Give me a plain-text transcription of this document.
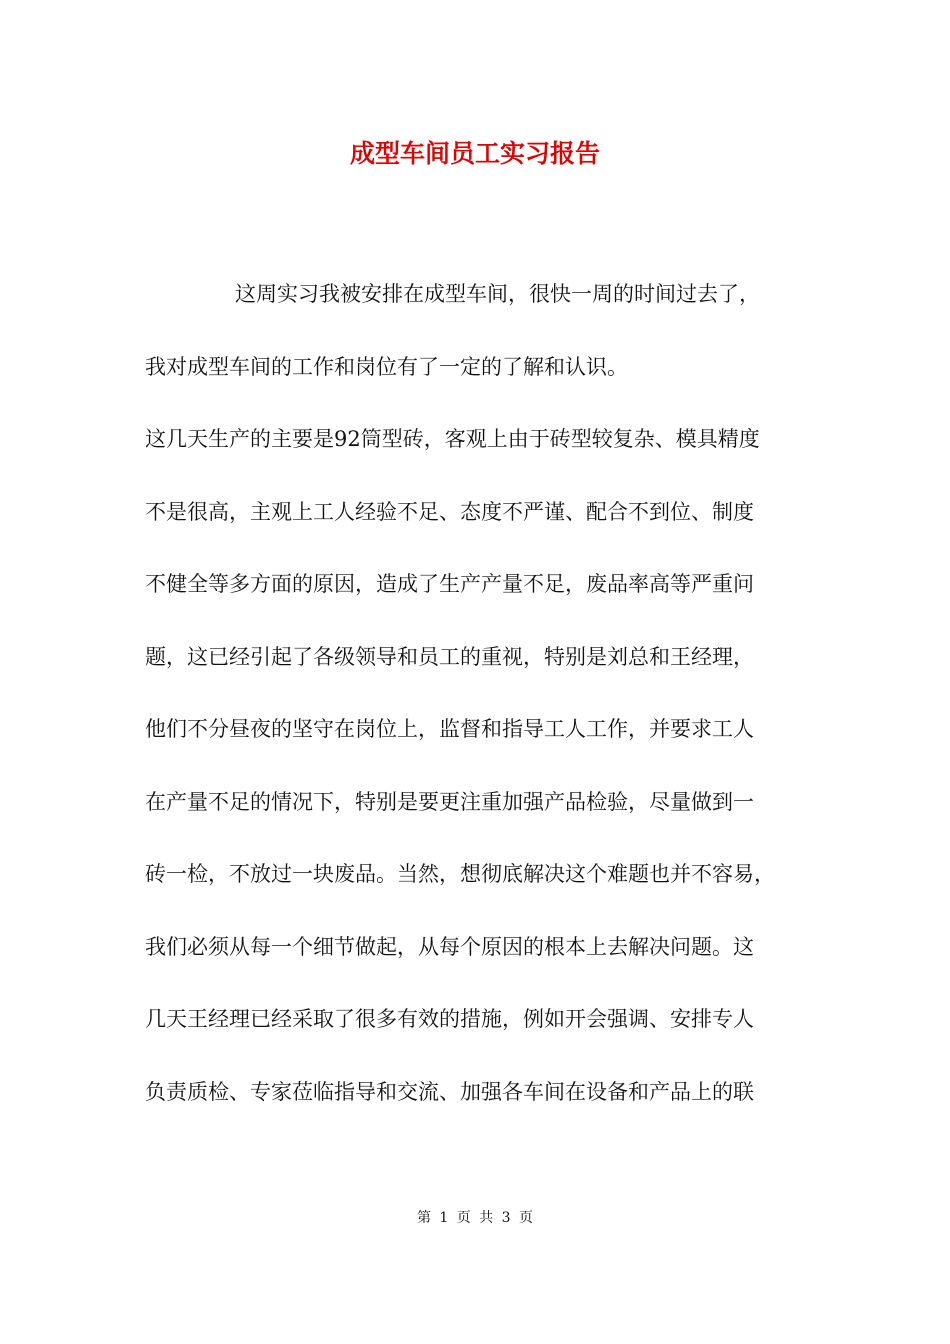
成型车间员工实习报告
这周实习我被安排在成型车间，很快一周的时间过去了，
我对成型车间的工作和岗位有了一定的了解和认识。
这几天生产的主要是92筒型砖，客观上由于砖型较复杂、模具精度
不是很高，主观上工人经验不足、态度不严谨、配合不到位、制度
不健全等多方面的原因，造成了生产产量不足，废品率高等严重问
题，这已经引起了各级领导和员工的重视，特别是刘总和王经理，
他们不分昼夜的坚守在岗位上，监督和指导工人工作，并要求工人
在产量不足的情况下，特别是要更注重加强产品检验，尽量做到一
砖一检，不放过一块废品。当然，想彻底解决这个难题也并不容易，
我们必须从每一个细节做起，从每个原因的根本上去解决问题。这
几天王经理已经采取了很多有效的措施，例如开会强调、安排专人
负责质检、专家莅临指导和交流、加强各车间在设备和产品上的联
第 1 页 共 3 页
